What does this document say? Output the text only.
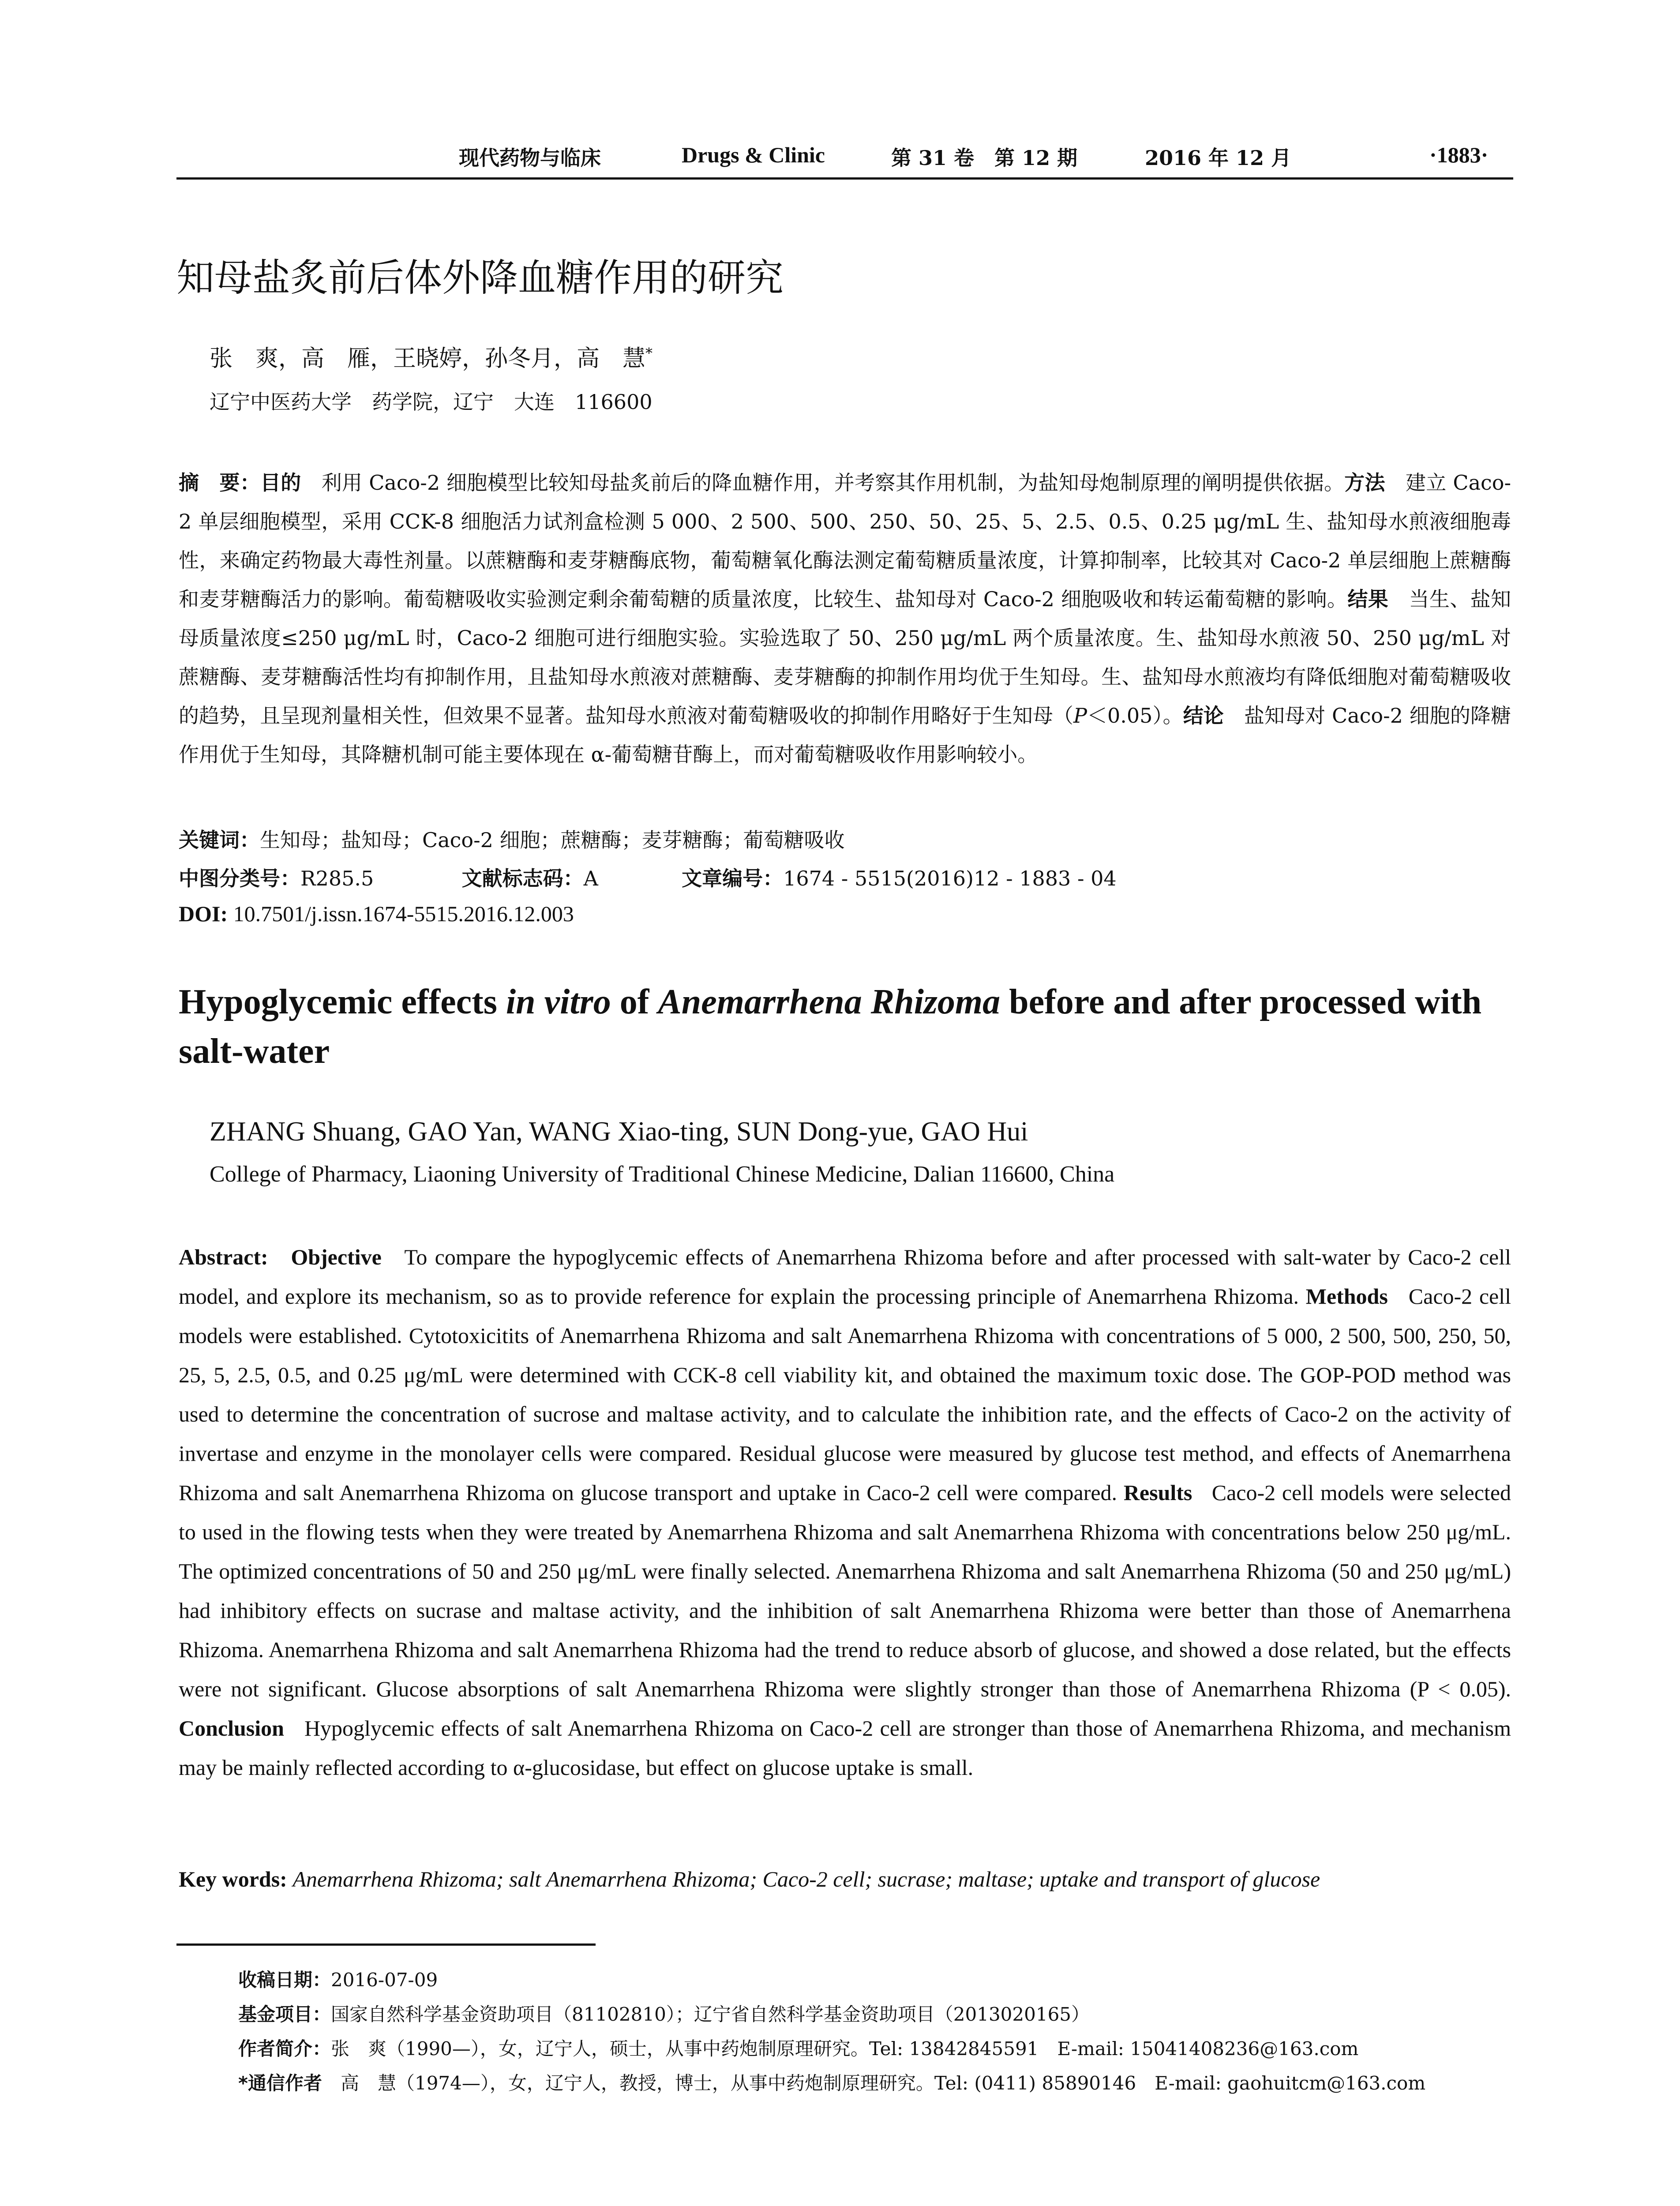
现代药物与临床	Drugs & Clinic	第 31 卷　第 12 期	2016 年 12 月	·1883·
知母盐炙前后体外降血糖作用的研究
张　爽，高　雁，王晓婷，孙冬月，高　慧*
辽宁中医药大学　药学院，辽宁　大连　116600
摘　要：目的　利用 Caco-2 细胞模型比较知母盐炙前后的降血糖作用，并考察其作用机制，为盐知母炮制原理的阐明提供依据。方法　建立 Caco-2 单层细胞模型，采用 CCK-8 细胞活力试剂盒检测 5 000、2 500、500、250、50、25、5、2.5、0.5、0.25 μg/mL 生、盐知母水煎液细胞毒性，来确定药物最大毒性剂量。以蔗糖酶和麦芽糖酶底物，葡萄糖氧化酶法测定葡萄糖质量浓度，计算抑制率，比较其对 Caco-2 单层细胞上蔗糖酶和麦芽糖酶活力的影响。葡萄糖吸收实验测定剩余葡萄糖的质量浓度，比较生、盐知母对 Caco-2 细胞吸收和转运葡萄糖的影响。结果　当生、盐知母质量浓度≤250 μg/mL 时，Caco-2 细胞可进行细胞实验。实验选取了 50、250 μg/mL 两个质量浓度。生、盐知母水煎液 50、250 μg/mL 对蔗糖酶、麦芽糖酶活性均有抑制作用，且盐知母水煎液对蔗糖酶、麦芽糖酶的抑制作用均优于生知母。生、盐知母水煎液均有降低细胞对葡萄糖吸收的趋势，且呈现剂量相关性，但效果不显著。盐知母水煎液对葡萄糖吸收的抑制作用略好于生知母（P＜0.05）。结论　盐知母对 Caco-2 细胞的降糖作用优于生知母，其降糖机制可能主要体现在 α-葡萄糖苷酶上，而对葡萄糖吸收作用影响较小。
关键词：生知母；盐知母；Caco-2 细胞；蔗糖酶；麦芽糖酶；葡萄糖吸收
中图分类号：R285.5	文献标志码：A	文章编号：1674 - 5515(2016)12 - 1883 - 04
DOI: 10.7501/j.issn.1674-5515.2016.12.003
Hypoglycemic effects in vitro of Anemarrhena Rhizoma before and after processed with salt-water
ZHANG Shuang, GAO Yan, WANG Xiao-ting, SUN Dong-yue, GAO Hui
College of Pharmacy, Liaoning University of Traditional Chinese Medicine, Dalian 116600, China
Abstract: Objective To compare the hypoglycemic effects of Anemarrhena Rhizoma before and after processed with salt-water by Caco-2 cell model, and explore its mechanism, so as to provide reference for explain the processing principle of Anemarrhena Rhizoma. Methods Caco-2 cell models were established. Cytotoxicitits of Anemarrhena Rhizoma and salt Anemarrhena Rhizoma with concentrations of 5 000, 2 500, 500, 250, 50, 25, 5, 2.5, 0.5, and 0.25 μg/mL were determined with CCK-8 cell viability kit, and obtained the maximum toxic dose. The GOP-POD method was used to determine the concentration of sucrose and maltase activity, and to calculate the inhibition rate, and the effects of Caco-2 on the activity of invertase and enzyme in the monolayer cells were compared. Residual glucose were measured by glucose test method, and effects of Anemarrhena Rhizoma and salt Anemarrhena Rhizoma on glucose transport and uptake in Caco-2 cell were compared. Results Caco-2 cell models were selected to used in the flowing tests when they were treated by Anemarrhena Rhizoma and salt Anemarrhena Rhizoma with concentrations below 250 μg/mL. The optimized concentrations of 50 and 250 μg/mL were finally selected. Anemarrhena Rhizoma and salt Anemarrhena Rhizoma (50 and 250 μg/mL) had inhibitory effects on sucrase and maltase activity, and the inhibition of salt Anemarrhena Rhizoma were better than those of Anemarrhena Rhizoma. Anemarrhena Rhizoma and salt Anemarrhena Rhizoma had the trend to reduce absorb of glucose, and showed a dose related, but the effects were not significant. Glucose absorptions of salt Anemarrhena Rhizoma were slightly stronger than those of Anemarrhena Rhizoma (P < 0.05). Conclusion Hypoglycemic effects of salt Anemarrhena Rhizoma on Caco-2 cell are stronger than those of Anemarrhena Rhizoma, and mechanism may be mainly reflected according to α-glucosidase, but effect on glucose uptake is small.
Key words: Anemarrhena Rhizoma; salt Anemarrhena Rhizoma; Caco-2 cell; sucrase; maltase; uptake and transport of glucose
收稿日期：2016-07-09
基金项目：国家自然科学基金资助项目（81102810）；辽宁省自然科学基金资助项目（2013020165）
作者简介：张　爽（1990—），女，辽宁人，硕士，从事中药炮制原理研究。Tel: 13842845591　E-mail: 15041408236@163.com
*通信作者　高　慧（1974—），女，辽宁人，教授，博士，从事中药炮制原理研究。Tel: (0411) 85890146　E-mail: gaohuitcm@163.com
